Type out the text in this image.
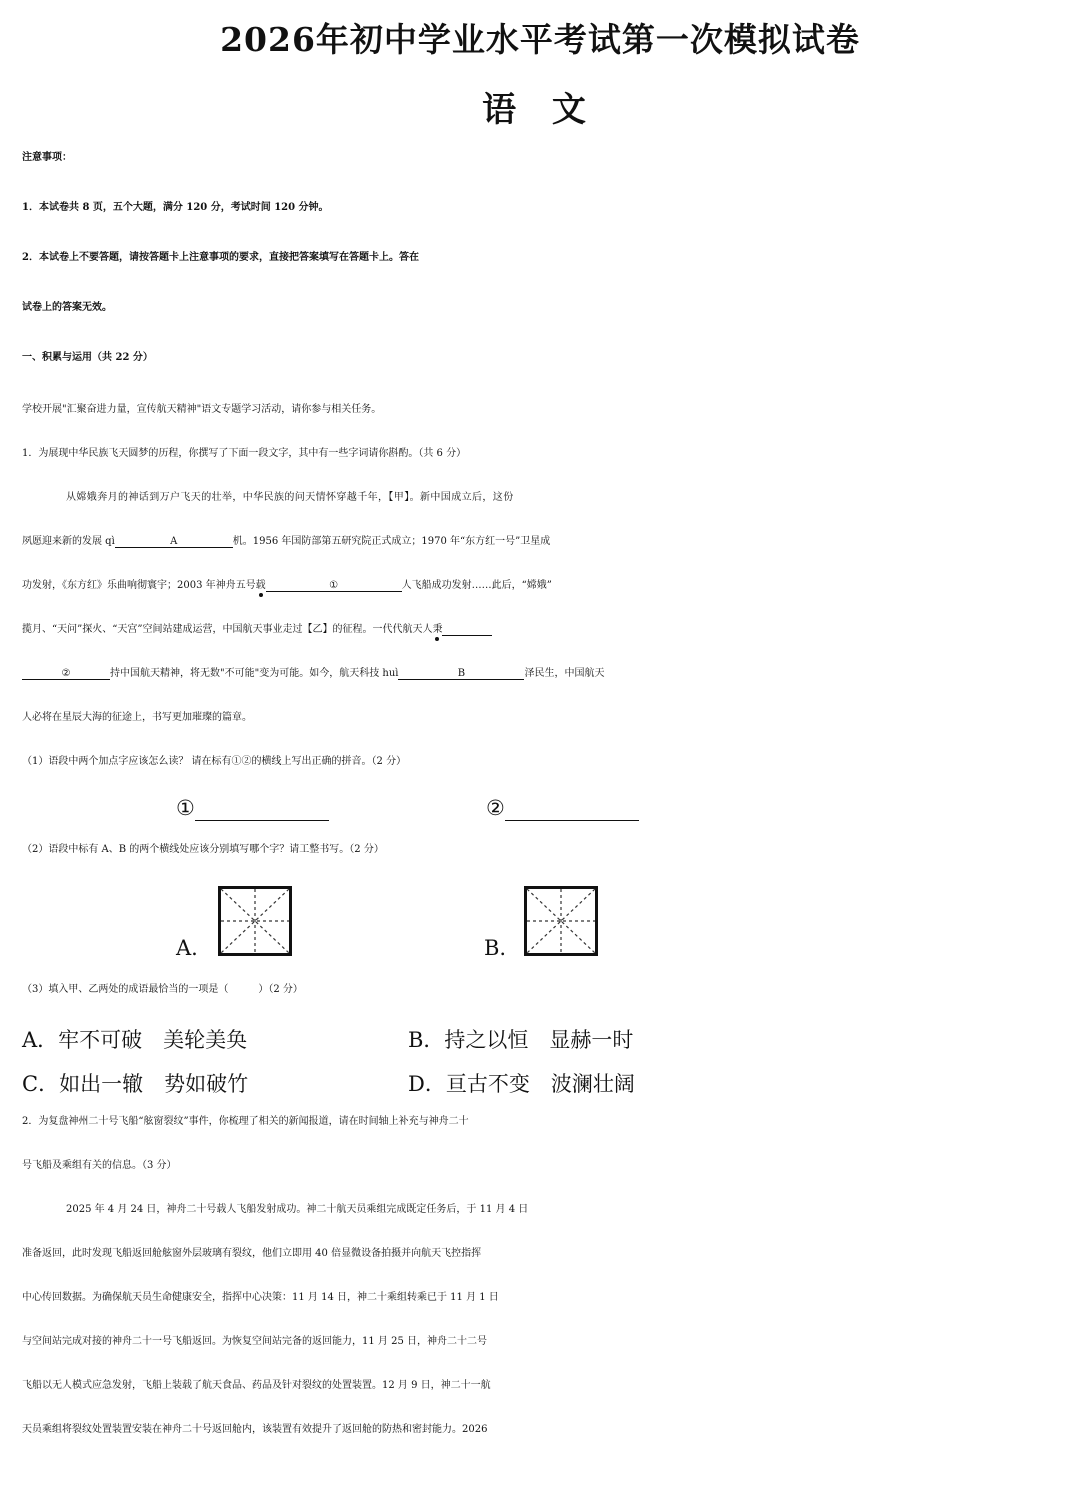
2026年初中学业水平考试第一次模拟试卷
语 文
注意事项：
1．本试卷共 8 页，五个大题，满分 120 分，考试时间 120 分钟。
2．本试卷上不要答题，请按答题卡上注意事项的要求，直接把答案填写在答题卡上。答在
试卷上的答案无效。
一、积累与运用（共 22 分）
学校开展"汇聚奋进力量，宣传航天精神"语文专题学习活动，请你参与相关任务。
1．为展现中华民族飞天圆梦的历程，你撰写了下面一段文字，其中有一些字词请你斟酌。（共 6 分）
从嫦娥奔月的神话到万户飞天的壮举，中华民族的问天情怀穿越千年，【甲】。新中国成立后，这份
夙愿迎来新的发展 qì	A	机。1956 年国防部第五研究院正式成立；1970 年“东方红一号”卫星成
功发射，《东方红》乐曲响彻寰宇；2003 年神舟五号载	①	人飞船成功发射……此后，“嫦娥”
揽月、“天问”探火、“天宫”空间站建成运营，中国航天事业走过【乙】的征程。一代代航天人秉
②	持中国航天精神，将无数"不可能"变为可能。如今，航天科技 huì	B	泽民生，中国航天
人必将在星辰大海的征途上，书写更加璀璨的篇章。
（1）语段中两个加点字应该怎么读？ 请在标有①②的横线上写出正确的拼音。（2 分）
①	②
（2）语段中标有 A、B 的两个横线处应该分别填写哪个字？请工整书写。（2 分）
A.	B.
（3）填入甲、乙两处的成语最恰当的一项是（　　　）（2 分）
A．牢不可破　美轮美奂	B．持之以恒　显赫一时
C．如出一辙　势如破竹	D．亘古不变　波澜壮阔
2．为复盘神州二十号飞船“舷窗裂纹”事件，你梳理了相关的新闻报道，请在时间轴上补充与神舟二十
号飞船及乘组有关的信息。（3 分）
2025 年 4 月 24 日，神舟二十号载人飞船发射成功。神二十航天员乘组完成既定任务后，于 11 月 4 日
准备返回，此时发现飞船返回舱舷窗外层玻璃有裂纹，他们立即用 40 倍显微设备拍摄并向航天飞控指挥
中心传回数据。为确保航天员生命健康安全，指挥中心决策：11 月 14 日，神二十乘组转乘已于 11 月 1 日
与空间站完成对接的神舟二十一号飞船返回。为恢复空间站完备的返回能力，11 月 25 日，神舟二十二号
飞船以无人模式应急发射，飞船上装载了航天食品、药品及针对裂纹的处置装置。12 月 9 日，神二十一航
天员乘组将裂纹处置装置安装在神舟二十号返回舱内，该装置有效提升了返回舱的防热和密封能力。2026
